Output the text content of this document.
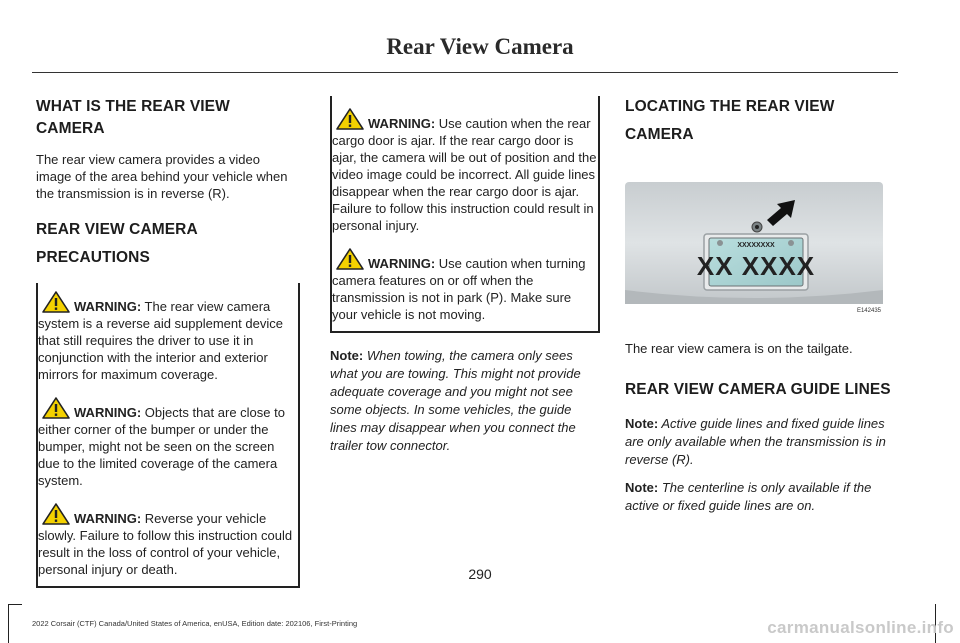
Rear View Camera
WHAT IS THE REAR VIEW CAMERA

The rear view camera provides a video image of the area behind your vehicle when the transmission is in reverse (R).

REAR VIEW CAMERA
PRECAUTIONS
WARNING: The rear view camera system is a reverse aid supplement device that still requires the driver to use it in conjunction with the interior and exterior mirrors for maximum coverage.
WARNING: Objects that are close to either corner of the bumper or under the bumper, might not be seen on the screen due to the limited coverage of the camera system.
WARNING: Reverse your vehicle slowly. Failure to follow this instruction could result in the loss of control of your vehicle, personal injury or death.
WARNING: Use caution when the rear cargo door is ajar. If the rear cargo door is ajar, the camera will be out of position and the video image could be incorrect. All guide lines disappear when the rear cargo door is ajar. Failure to follow this instruction could result in personal injury.
WARNING: Use caution when turning camera features on or off when the transmission is not in park (P). Make sure your vehicle is not moving.

Note: When towing, the camera only sees what you are towing. This might not provide adequate coverage and you might not see some objects. In some vehicles, the guide lines may disappear when you connect the trailer tow connector.

LOCATING THE REAR VIEW
CAMERA
XXXXXXXX
XX XXXX
E142435

The rear view camera is on the tailgate.

REAR VIEW CAMERA GUIDE LINES

Note: Active guide lines and fixed guide lines are only available when the transmission is in reverse (R).

Note: The centerline is only available if the active or fixed guide lines are on.

290
2022 Corsair (CTF) Canada/United States of America, enUSA, Edition date: 202106, First-Printing	carmanualsonline.info
